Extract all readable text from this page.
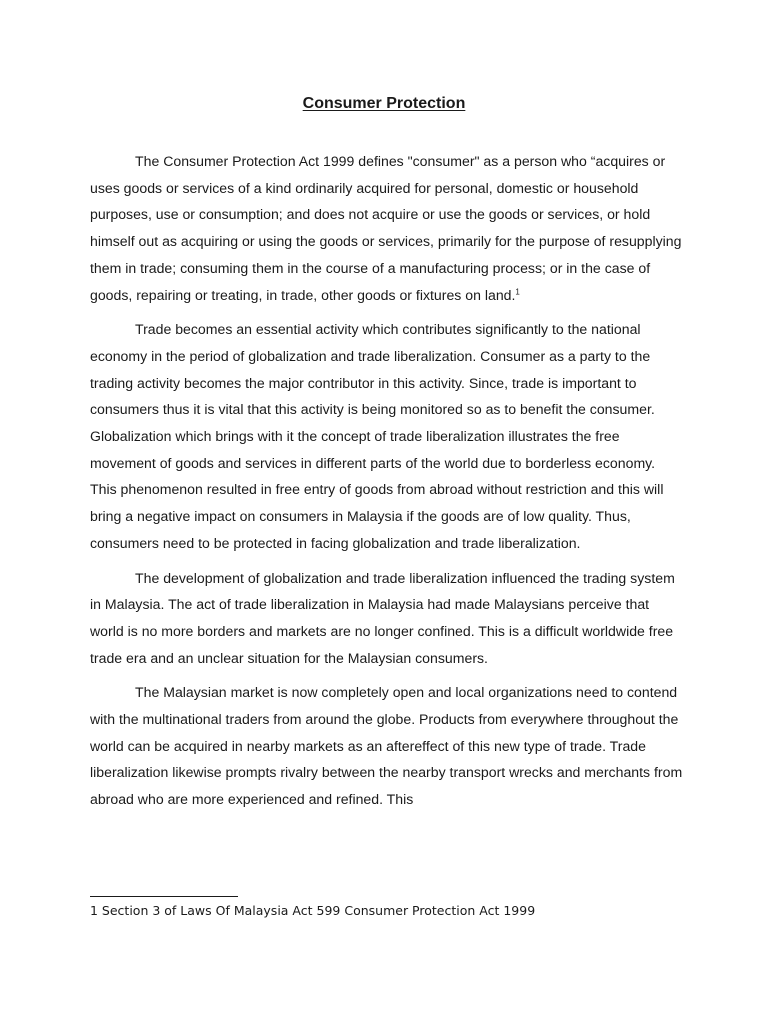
Consumer Protection

The Consumer Protection Act 1999 defines "consumer" as a person who “acquires or uses goods or services of a kind ordinarily acquired for personal, domestic or household purposes, use or consumption; and does not acquire or use the goods or services, or hold himself out as acquiring or using the goods or services, primarily for the purpose of resupplying them in trade; consuming them in the course of a manufacturing process; or in the case of goods, repairing or treating, in trade, other goods or fixtures on land.$^1$

Trade becomes an essential activity which contributes significantly to the national economy in the period of globalization and trade liberalization. Consumer as a party to the trading activity becomes the major contributor in this activity. Since, trade is important to consumers thus it is vital that this activity is being monitored so as to benefit the consumer. Globalization which brings with it the concept of trade liberalization illustrates the free movement of goods and services in different parts of the world due to borderless economy. This phenomenon resulted in free entry of goods from abroad without restriction and this will bring a negative impact on consumers in Malaysia if the goods are of low quality. Thus, consumers need to be protected in facing globalization and trade liberalization.

The development of globalization and trade liberalization influenced the trading system in Malaysia. The act of trade liberalization in Malaysia had made Malaysians perceive that world is no more borders and markets are no longer confined. This is a difficult worldwide free trade era and an unclear situation for the Malaysian consumers.

The Malaysian market is now completely open and local organizations need to contend with the multinational traders from around the globe. Products from everywhere throughout the world can be acquired in nearby markets as an aftereffect of this new type of trade. Trade liberalization likewise prompts rivalry between the nearby transport wrecks and merchants from abroad who are more experienced and refined. This

1 Section 3 of Laws Of Malaysia Act 599 Consumer Protection Act 1999
